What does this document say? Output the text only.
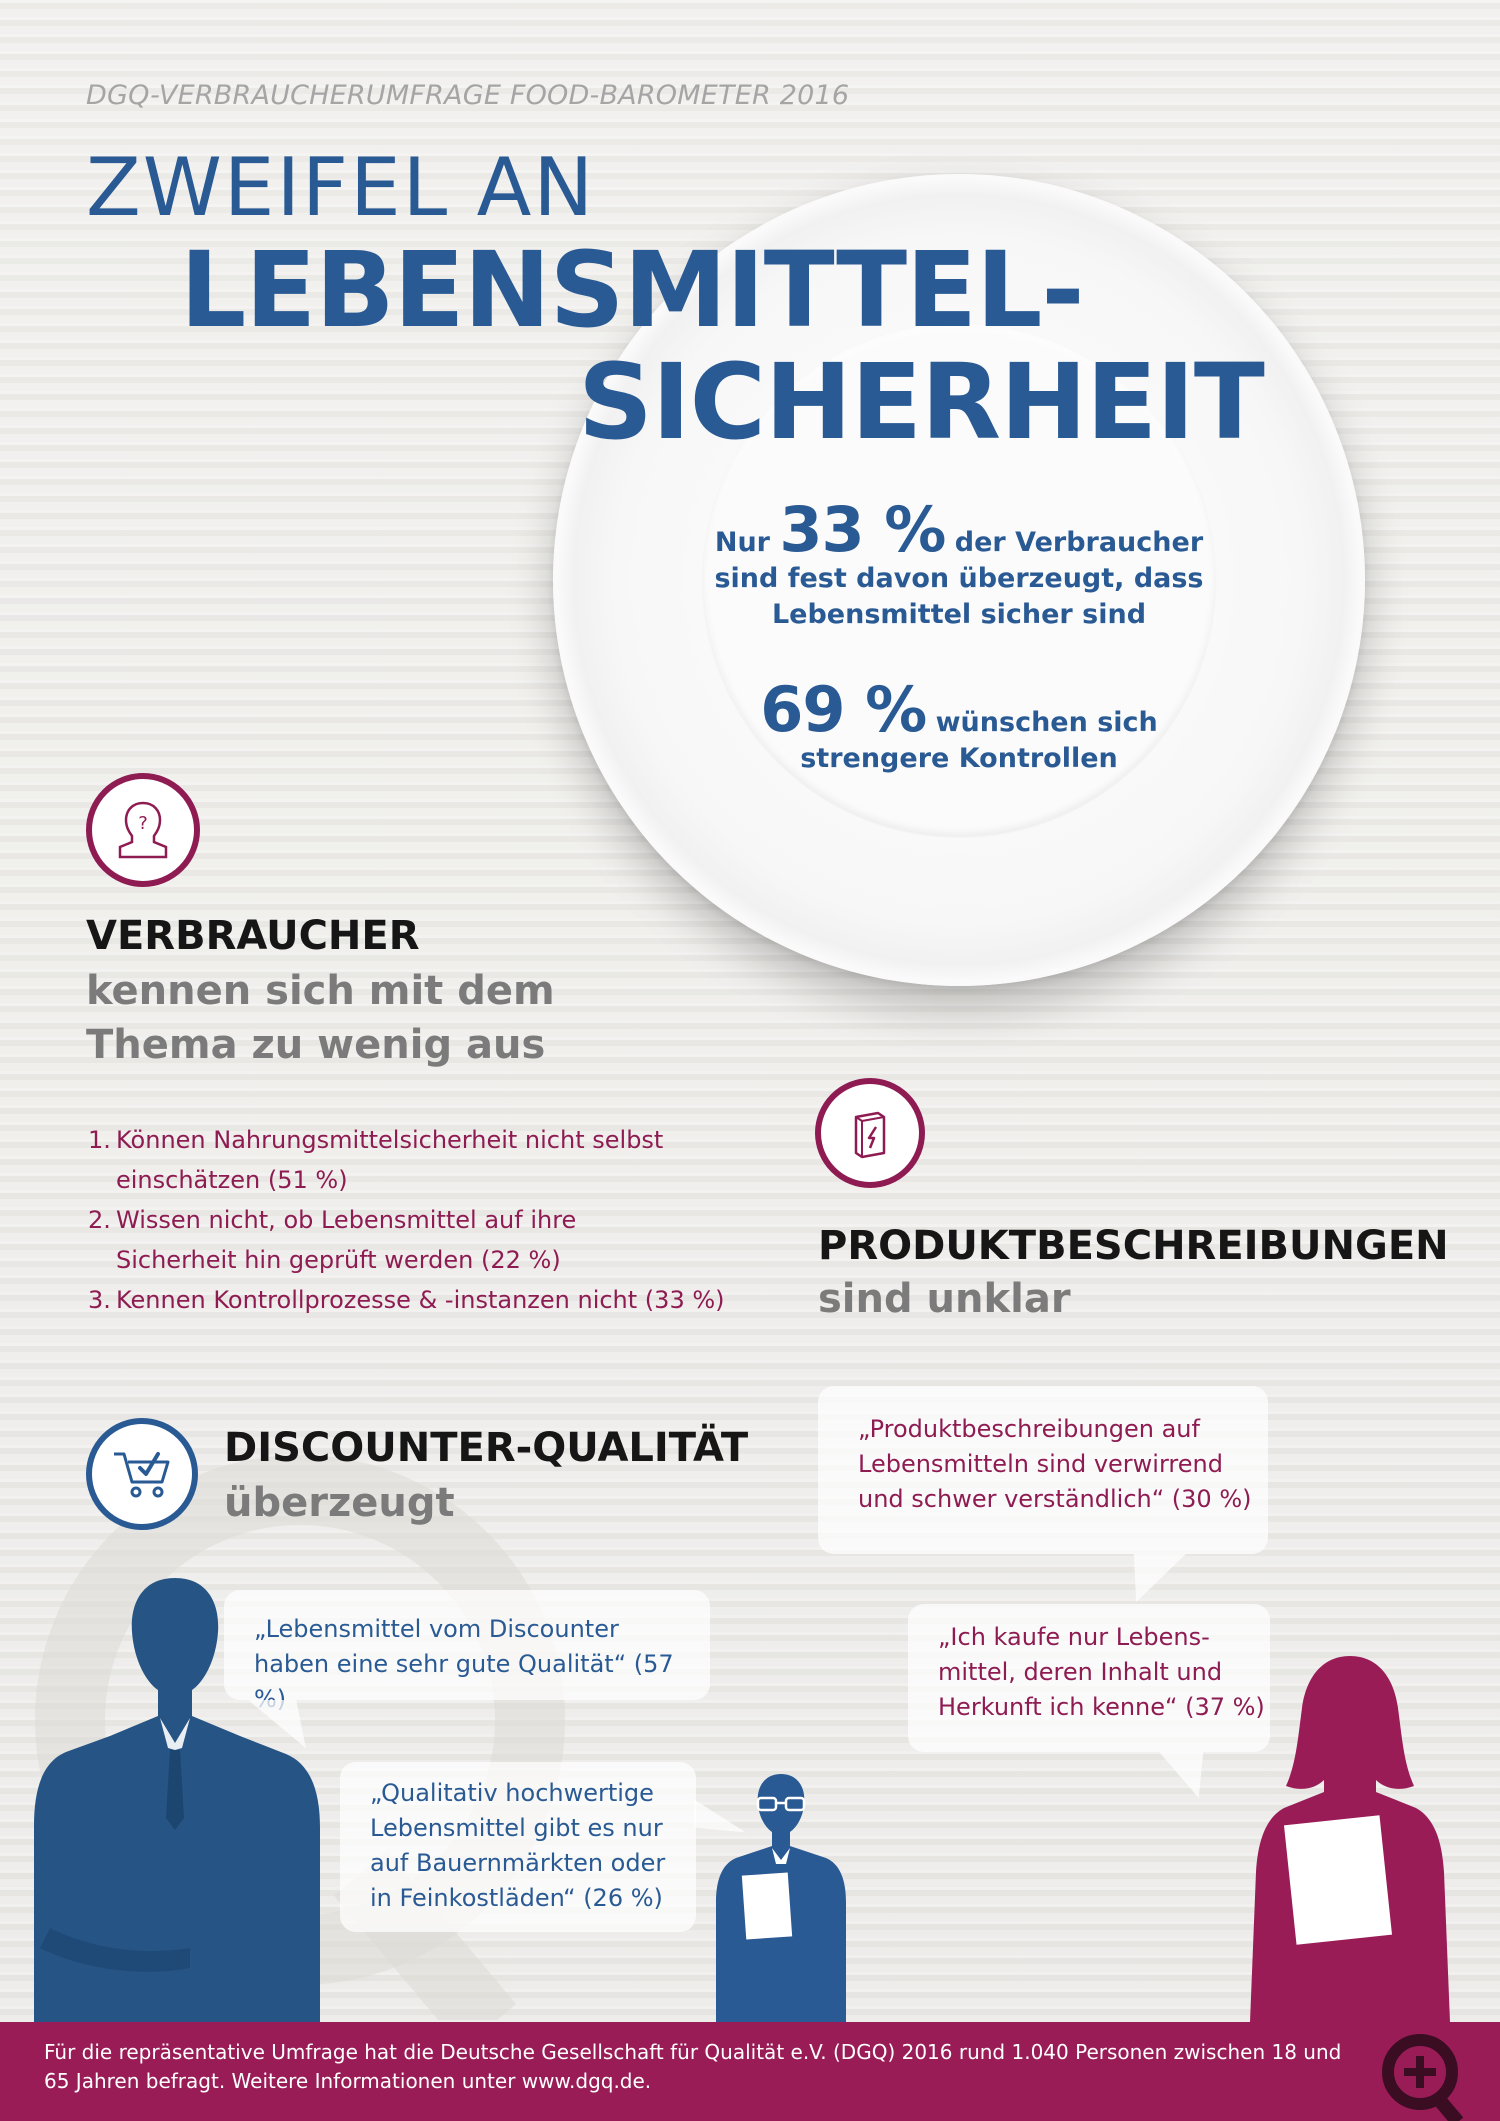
DGQ-VERBRAUCHERUMFRAGE FOOD-BAROMETER 2016
ZWEIFEL AN
LEBENSMITTEL-
SICHERHEIT
Nur 33 % der Verbraucher
sind fest davon überzeugt, dass
Lebensmittel sicher sind
69 % wünschen sich
strengere Kontrollen
?
VERBRAUCHER
kennen sich mit dem
Thema zu wenig aus
1. Können Nahrungsmittelsicherheit nicht selbst
einschätzen (51 %)
2. Wissen nicht, ob Lebensmittel auf ihre
Sicherheit hin geprüft werden (22 %)
3. Kennen Kontrollprozesse & -instanzen nicht (33 %)
PRODUKTBESCHREIBUNGEN
sind unklar
„Produktbeschreibungen auf
Lebensmitteln sind verwirrend
und schwer verständlich“ (30 %)
„Ich kaufe nur Lebens-
mittel, deren Inhalt und
Herkunft ich kenne“ (37 %)
DISCOUNTER-QUALITÄT
überzeugt
„Lebensmittel vom Discounter
haben eine sehr gute Qualität“ (57 %)
„Qualitativ hochwertige
Lebensmittel gibt es nur
auf Bauernmärkten oder
in Feinkostläden“ (26 %)
Für die repräsentative Umfrage hat die Deutsche Gesellschaft für Qualität e.V. (DGQ) 2016 rund 1.040 Personen zwischen 18 und
65 Jahren befragt. Weitere Informationen unter www.dgq.de.
